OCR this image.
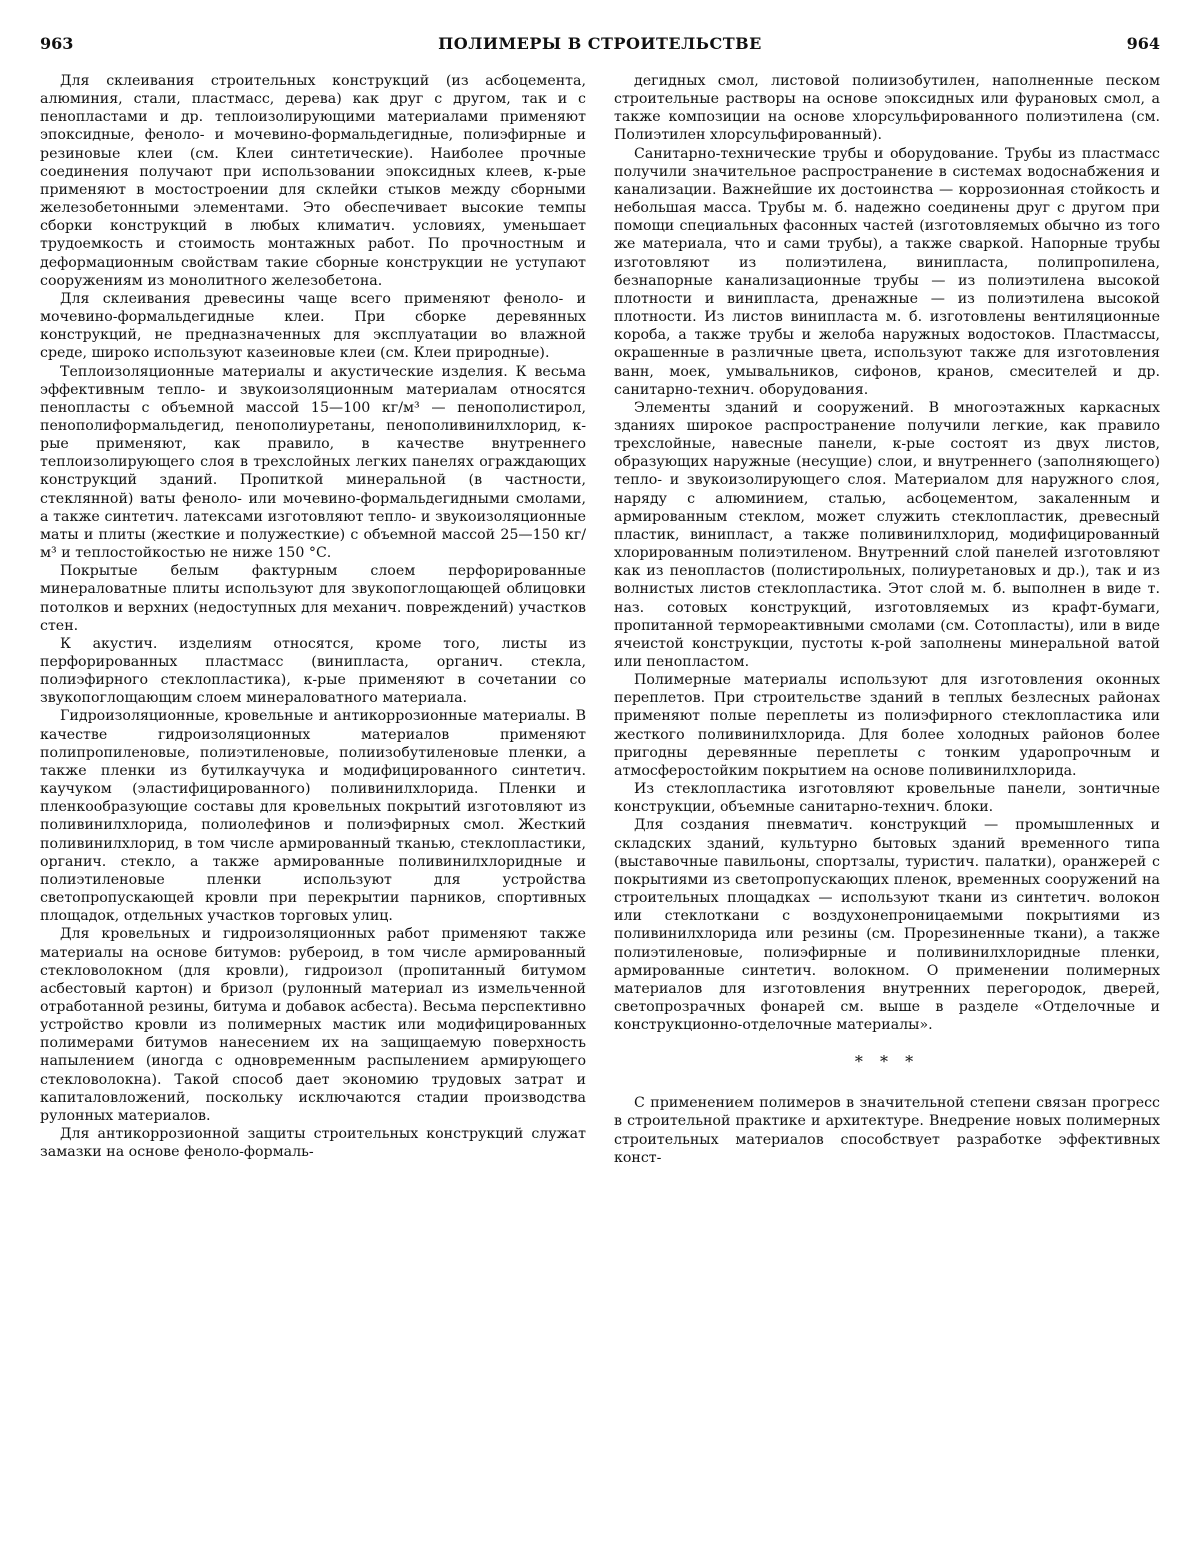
963	ПОЛИМЕРЫ В СТРОИТЕЛЬСТВЕ	964

Для склеивания строительных конструкций (из асбоцемента, алюминия, стали, пластмасс, дерева) как друг с другом, так и с пенопластами и др. теплоизолирующими материалами применяют эпоксидные, феноло- и мочевино-формальдегидные, полиэфирные и резиновые клеи (см. Клеи синтетические). Наиболее прочные соединения получают при использовании эпоксидных клеев, к-рые применяют в мостостроении для склейки стыков между сборными железобетонными элементами. Это обеспечивает высокие темпы сборки конструкций в любых климатич. условиях, уменьшает трудоемкость и стоимость монтажных работ. По прочностным и деформационным свойствам такие сборные конструкции не уступают сооружениям из монолитного железобетона.

Для склеивания древесины чаще всего применяют феноло- и мочевино-формальдегидные клеи. При сборке деревянных конструкций, не предназначенных для эксплуатации во влажной среде, широко используют казеиновые клеи (см. Клеи природные).

Теплоизоляционные материалы и акустические изделия. К весьма эффективным тепло- и звукоизоляционным материалам относятся пенопласты с объемной массой 15—100 кг/м³ — пенополистирол, пенополиформальдегид, пенополиуретаны, пенополивинилхлорид, к-рые применяют, как правило, в качестве внутреннего теплоизолирующего слоя в трехслойных легких панелях ограждающих конструкций зданий. Пропиткой минеральной (в частности, стеклянной) ваты феноло- или мочевино-формальдегидными смолами, а также синтетич. латексами изготовляют тепло- и звукоизоляционные маты и плиты (жесткие и полужесткие) с объемной массой 25—150 кг/м³ и теплостойкостью не ниже 150 °С.

Покрытые белым фактурным слоем перфорированные минераловатные плиты используют для звукопоглощающей облицовки потолков и верхних (недоступных для механич. повреждений) участков стен.

К акустич. изделиям относятся, кроме того, листы из перфорированных пластмасс (винипласта, органич. стекла, полиэфирного стеклопластика), к-рые применяют в сочетании со звукопоглощающим слоем минераловатного материала.

Гидроизоляционные, кровельные и антикоррозионные материалы. В качестве гидроизоляционных материалов применяют полипропиленовые, полиэтиленовые, полиизобутиленовые пленки, а также пленки из бутилкаучука и модифицированного синтетич. каучуком (эластифицированного) поливинилхлорида. Пленки и пленкообразующие составы для кровельных покрытий изготовляют из поливинилхлорида, полиолефинов и полиэфирных смол. Жесткий поливинилхлорид, в том числе армированный тканью, стеклопластики, органич. стекло, а также армированные поливинилхлоридные и полиэтиленовые пленки используют для устройства светопропускающей кровли при перекрытии парников, спортивных площадок, отдельных участков торговых улиц.

Для кровельных и гидроизоляционных работ применяют также материалы на основе битумов: рубероид, в том числе армированный стекловолокном (для кровли), гидроизол (пропитанный битумом асбестовый картон) и бризол (рулонный материал из измельченной отработанной резины, битума и добавок асбеста). Весьма перспективно устройство кровли из полимерных мастик или модифицированных полимерами битумов нанесением их на защищаемую поверхность напылением (иногда с одновременным распылением армирующего стекловолокна). Такой способ дает экономию трудовых затрат и капиталовложений, поскольку исключаются стадии производства рулонных материалов.

Для антикоррозионной защиты строительных конструкций служат замазки на основе феноло-формаль-

дегидных смол, листовой полиизобутилен, наполненные песком строительные растворы на основе эпоксидных или фурановых смол, а также композиции на основе хлорсульфированного полиэтилена (см. Полиэтилен хлорсульфированный).

Санитарно-технические трубы и оборудование. Трубы из пластмасс получили значительное распространение в системах водоснабжения и канализации. Важнейшие их достоинства — коррозионная стойкость и небольшая масса. Трубы м. б. надежно соединены друг с другом при помощи специальных фасонных частей (изготовляемых обычно из того же материала, что и сами трубы), а также сваркой. Напорные трубы изготовляют из полиэтилена, винипласта, полипропилена, безнапорные канализационные трубы — из полиэтилена высокой плотности и винипласта, дренажные — из полиэтилена высокой плотности. Из листов винипласта м. б. изготовлены вентиляционные короба, а также трубы и желоба наружных водостоков. Пластмассы, окрашенные в различные цвета, используют также для изготовления ванн, моек, умывальников, сифонов, кранов, смесителей и др. санитарно-технич. оборудования.

Элементы зданий и сооружений. В многоэтажных каркасных зданиях широкое распространение получили легкие, как правило трехслойные, навесные панели, к-рые состоят из двух листов, образующих наружные (несущие) слои, и внутреннего (заполняющего) тепло- и звукоизолирующего слоя. Материалом для наружного слоя, наряду с алюминием, сталью, асбоцементом, закаленным и армированным стеклом, может служить стеклопластик, древесный пластик, винипласт, а также поливинилхлорид, модифицированный хлорированным полиэтиленом. Внутренний слой панелей изготовляют как из пенопластов (полистирольных, полиуретановых и др.), так и из волнистых листов стеклопластика. Этот слой м. б. выполнен в виде т. наз. сотовых конструкций, изготовляемых из крафт-бумаги, пропитанной термореактивными смолами (см. Сотопласты), или в виде ячеистой конструкции, пустоты к-рой заполнены минеральной ватой или пенопластом.

Полимерные материалы используют для изготовления оконных переплетов. При строительстве зданий в теплых безлесных районах применяют полые переплеты из полиэфирного стеклопластика или жесткого поливинилхлорида. Для более холодных районов более пригодны деревянные переплеты с тонким ударопрочным и атмосферостойким покрытием на основе поливинилхлорида.

Из стеклопластика изготовляют кровельные панели, зонтичные конструкции, объемные санитарно-технич. блоки.

Для создания пневматич. конструкций — промышленных и складских зданий, культурно бытовых зданий временного типа (выставочные павильоны, спортзалы, туристич. палатки), оранжерей с покрытиями из светопропускающих пленок, временных сооружений на строительных площадках — используют ткани из синтетич. волокон или стеклоткани с воздухонепроницаемыми покрытиями из поливинилхлорида или резины (см. Прорезиненные ткани), а также полиэтиленовые, полиэфирные и поливинилхлоридные пленки, армированные синтетич. волокном. О применении полимерных материалов для изготовления внутренних перегородок, дверей, светопрозрачных фонарей см. выше в разделе «Отделочные и конструкционно-отделочные материалы».

* * *

С применением полимеров в значительной степени связан прогресс в строительной практике и архитектуре. Внедрение новых полимерных строительных материалов способствует разработке эффективных конст-
